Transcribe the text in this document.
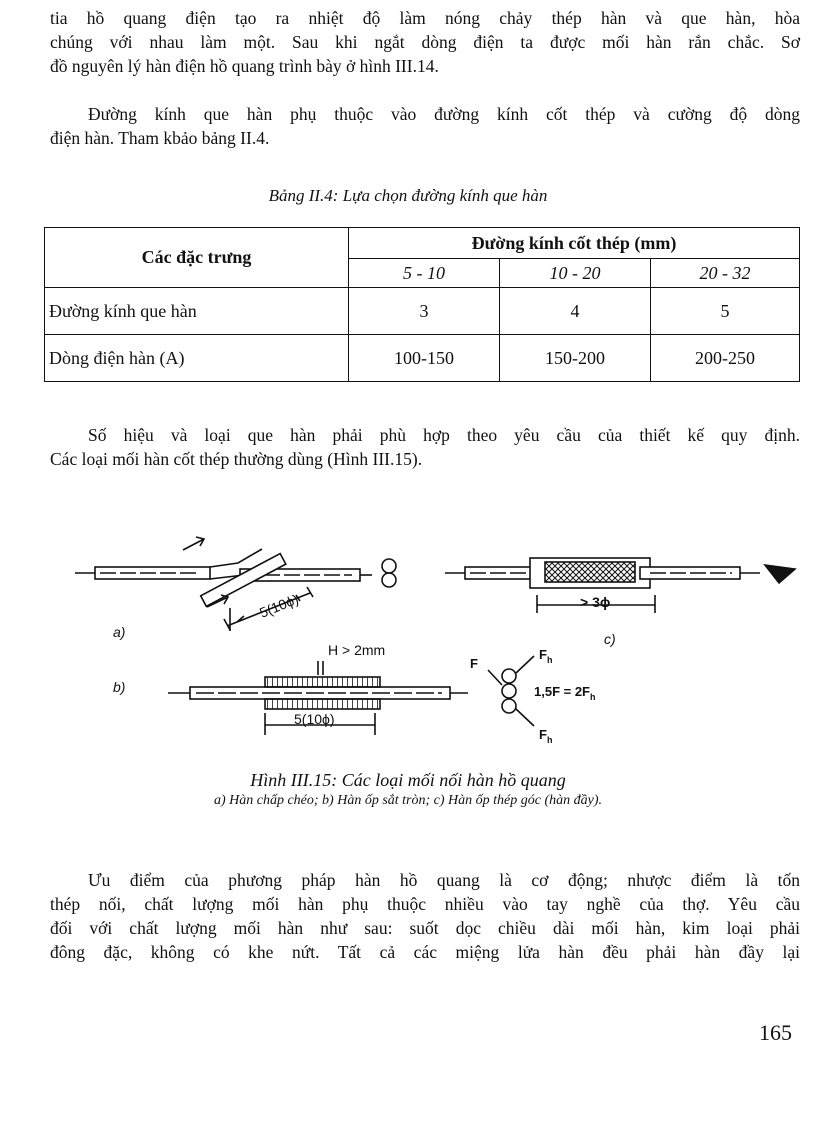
tia hồ quang điện tạo ra nhiệt độ làm nóng chảy thép hàn và que hàn, hòa
chúng với nhau làm một. Sau khi ngắt dòng điện ta được mối hàn rắn chắc. Sơ
đồ nguyên lý hàn điện hồ quang trình bày ở hình III.14.
Đường kính que hàn phụ thuộc vào đường kính cốt thép và cường độ dòng
điện hàn. Tham kbảo bảng II.4.
Bảng II.4: Lựa chọn đường kính que hàn
Các đặc trưng	Đường kính cốt thép (mm)		
	5 - 10	10 - 20	20 - 32
Đường kính que hàn	3	4	5
Dòng điện hàn (A)	100-150	150-200	200-250
Số hiệu và loại que hàn phải phù hợp theo yêu cầu của thiết kế quy định.
Các loại mối hàn cốt thép thường dùng (Hình III.15).
5(10ϕ)
a)
> 3ϕ
c)
H > 2mm
5(10ϕ)
b)
F
$F_h$
$1,5F = 2F_h$
$F_h$
Hình III.15: Các loại mối nối hàn hồ quang
a) Hàn chấp chéo; b) Hàn ốp sắt tròn; c) Hàn ốp thép góc (hàn đầy).
Ưu điểm của phương pháp hàn hồ quang là cơ động; nhược điểm là tốn
thép nối, chất lượng mối hàn phụ thuộc nhiều vào tay nghề của thợ. Yêu cầu
đối với chất lượng mối hàn như sau: suốt dọc chiều dài mối hàn, kim loại phải
đông đặc, không có khe nứt. Tất cả các miệng lửa hàn đều phải hàn đầy lại
165
